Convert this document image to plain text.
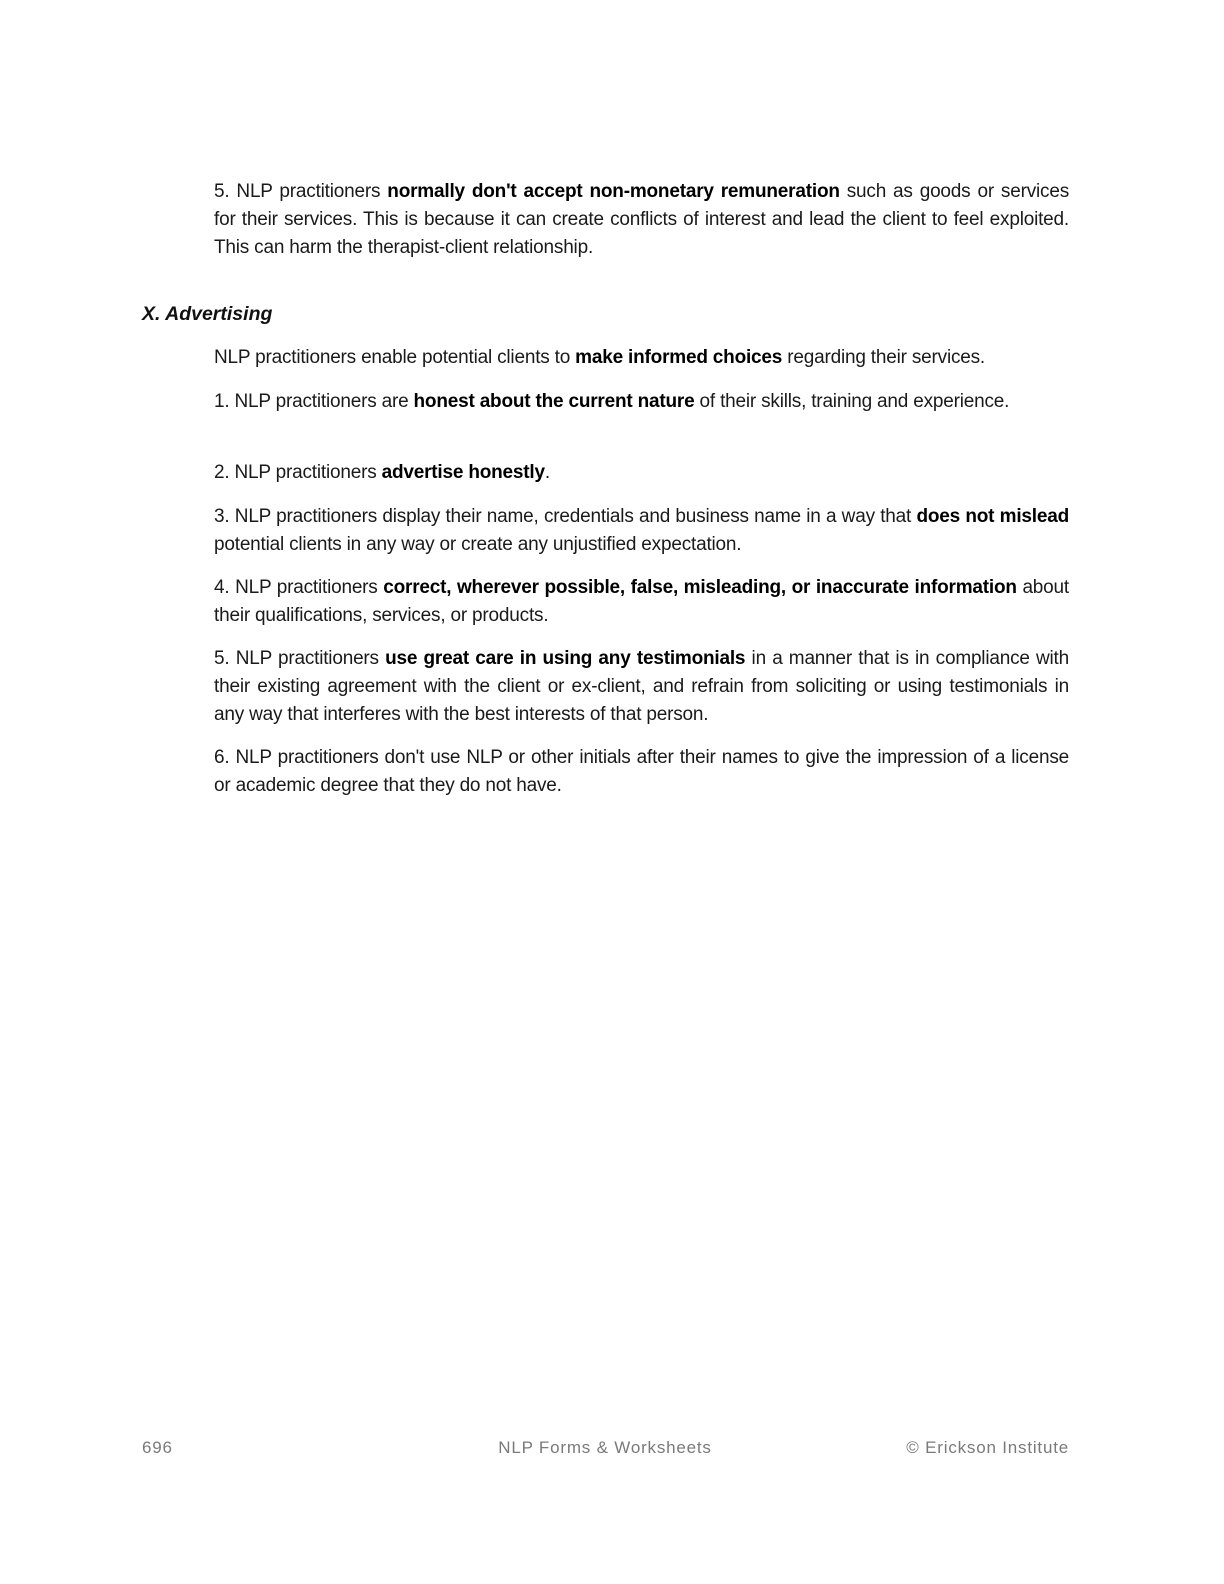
5. NLP practitioners normally don't accept non-monetary remuneration such as goods or services for their services. This is because it can create conflicts of interest and lead the client to feel exploited. This can harm the therapist-client relationship.

X. Advertising

NLP practitioners enable potential clients to make informed choices regarding their services.

1. NLP practitioners are honest about the current nature of their skills, training and experience.

2. NLP practitioners advertise honestly.

3. NLP practitioners display their name, credentials and business name in a way that does not mislead potential clients in any way or create any unjustified expectation.

4. NLP practitioners correct, wherever possible, false, misleading, or inaccurate information about their qualifications, services, or products.

5. NLP practitioners use great care in using any testimonials in a manner that is in compliance with their existing agreement with the client or ex-client, and refrain from soliciting or using testimonials in any way that interferes with the best interests of that person.

6. NLP practitioners don't use NLP or other initials after their names to give the impression of a license or academic degree that they do not have.

696	NLP Forms & Worksheets	© Erickson Institute
